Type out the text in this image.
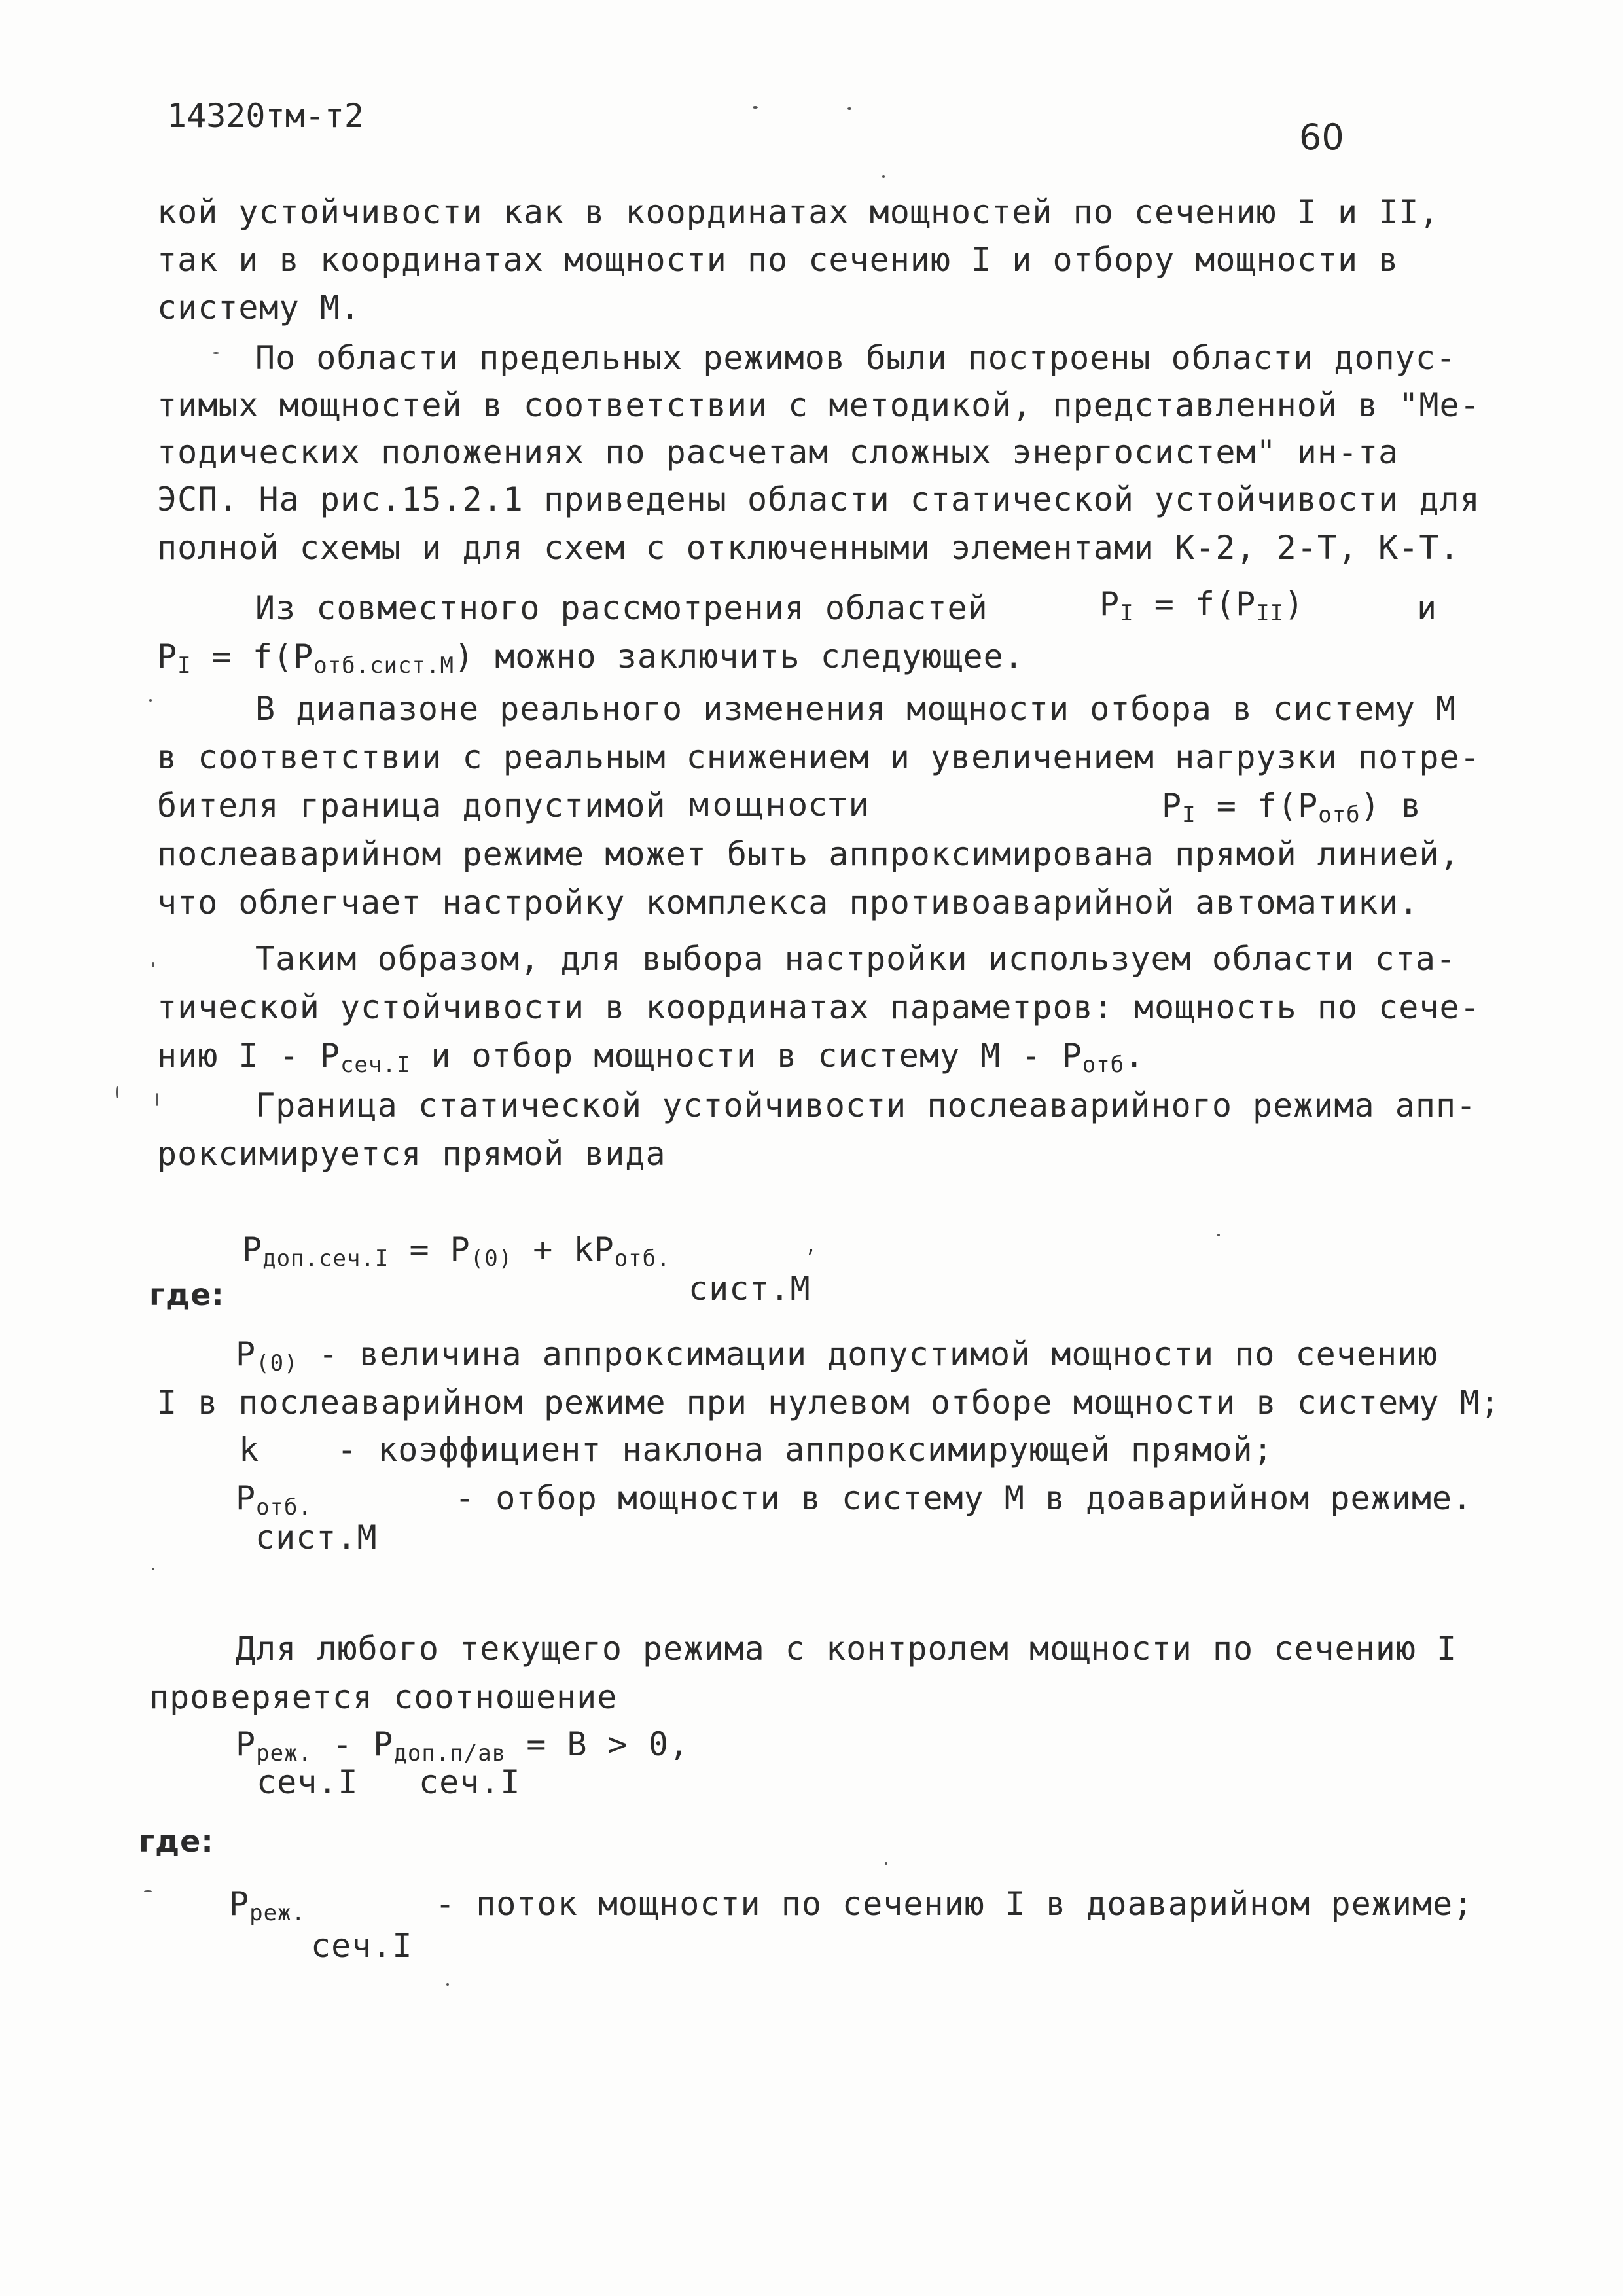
14320тм-т2
60
кой устойчивости как в координатах мощностей по сечению I и II,
так и в координатах мощности по сечению I и отбору мощности в
систему М.
По области предельных режимов были построены области допус-
тимых мощностей в соответствии с методикой, представленной в "Ме-
тодических положениях по расчетам сложных энергосистем" ин-та
ЭСП. На рис.15.2.1 приведены области статической устойчивости для
полной схемы и для схем с отключенными элементами К-2, 2-Т, К-Т.
Из совместного рассмотрения областей	$P_I = f(P_{II})$	и
$P_I = f(P_{отб.сист.М})$ можно заключить следующее.
В диапазоне реального изменения мощности отбора в систему М
в соответствии с реальным снижением и увеличением нагрузки потре-
бителя граница допустимой мощности	$P_I = f(P_{отб})$ в
послеаварийном режиме может быть аппроксимирована прямой линией,
что облегчает настройку комплекса противоаварийной автоматики.
Таким образом, для выбора настройки используем области ста-
тической устойчивости в координатах параметров: мощность по сече-
нию I - $P_{сеч.I}$ и отбор мощности в систему М - $P_{отб}$.
Граница статической устойчивости послеаварийного режима апп-
роксимируется прямой вида
$P_{доп.сеч.I} = P_{(0)} + kP_{отб.}$
сист.М
,
где:
$P_{(0)}$ - величина аппроксимации допустимой мощности по сечению
I в послеаварийном режиме при нулевом отборе мощности в систему М;
k - коэффициент наклона аппроксимирующей прямой;
$P_{отб.}$
сист.М
- отбор мощности в систему М в доаварийном режиме.
Для любого текущего режима с контролем мощности по сечению I
проверяется соотношение
$P_{реж.} - P_{доп.п/ав} = B > 0$,
сеч.I сеч.I
где:
$P_{реж.}$
сеч.I
- поток мощности по сечению I в доаварийном режиме;
